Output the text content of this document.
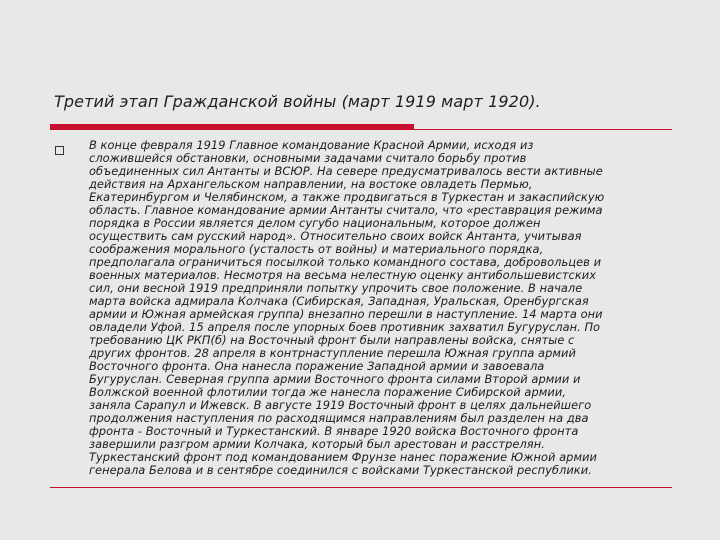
Третий этап Гражданской войны (март 1919 март 1920).
В конце февраля 1919 Главное командование Красной Армии, исходя из
сложившейся обстановки, основными задачами считало борьбу против
объединенных сил Антанты и ВСЮР. На севере предусматривалось вести активные
действия на Архангельском направлении, на востоке овладеть Пермью,
Екатеринбургом и Челябинском, а также продвигаться в Туркестан и закаспийскую
область. Главное командование армии Антанты считало, что «реставрация режима
порядка в России является делом сугубо национальным, которое должен
осуществить сам русский народ». Относительно своих войск Антанта, учитывая
соображения морального (усталость от войны) и материального порядка,
предполагала ограничиться посылкой только командного состава, добровольцев и
военных материалов. Несмотря на весьма нелестную оценку антибольшевистских
сил, они весной 1919 предприняли попытку упрочить свое положение. В начале
марта войска адмирала Колчака (Сибирская, Западная, Уральская, Оренбургская
армии и Южная армейская группа) внезапно перешли в наступление. 14 марта они
овладели Уфой. 15 апреля после упорных боев противник захватил Бугуруслан. По
требованию ЦК РКП(б) на Восточный фронт были направлены войска, снятые с
других фронтов. 28 апреля в контрнаступление перешла Южная группа армий
Восточного фронта. Она нанесла поражение Западной армии и завоевала
Бугуруслан. Северная группа армии Восточного фронта силами Второй армии и
Волжской военной флотилии тогда же нанесла поражение Сибирской армии,
заняла Сарапул и Ижевск. В августе 1919 Восточный фронт в целях дальнейшего
продолжения наступления по расходящимся направлениям был разделен на два
фронта - Восточный и Туркестанский. В январе 1920 войска Восточного фронта
завершили разгром армии Колчака, который был арестован и расстрелян.
Туркестанский фронт под командованием Фрунзе нанес поражение Южной армии
генерала Белова и в сентябре соединился с войсками Туркестанской республики.
